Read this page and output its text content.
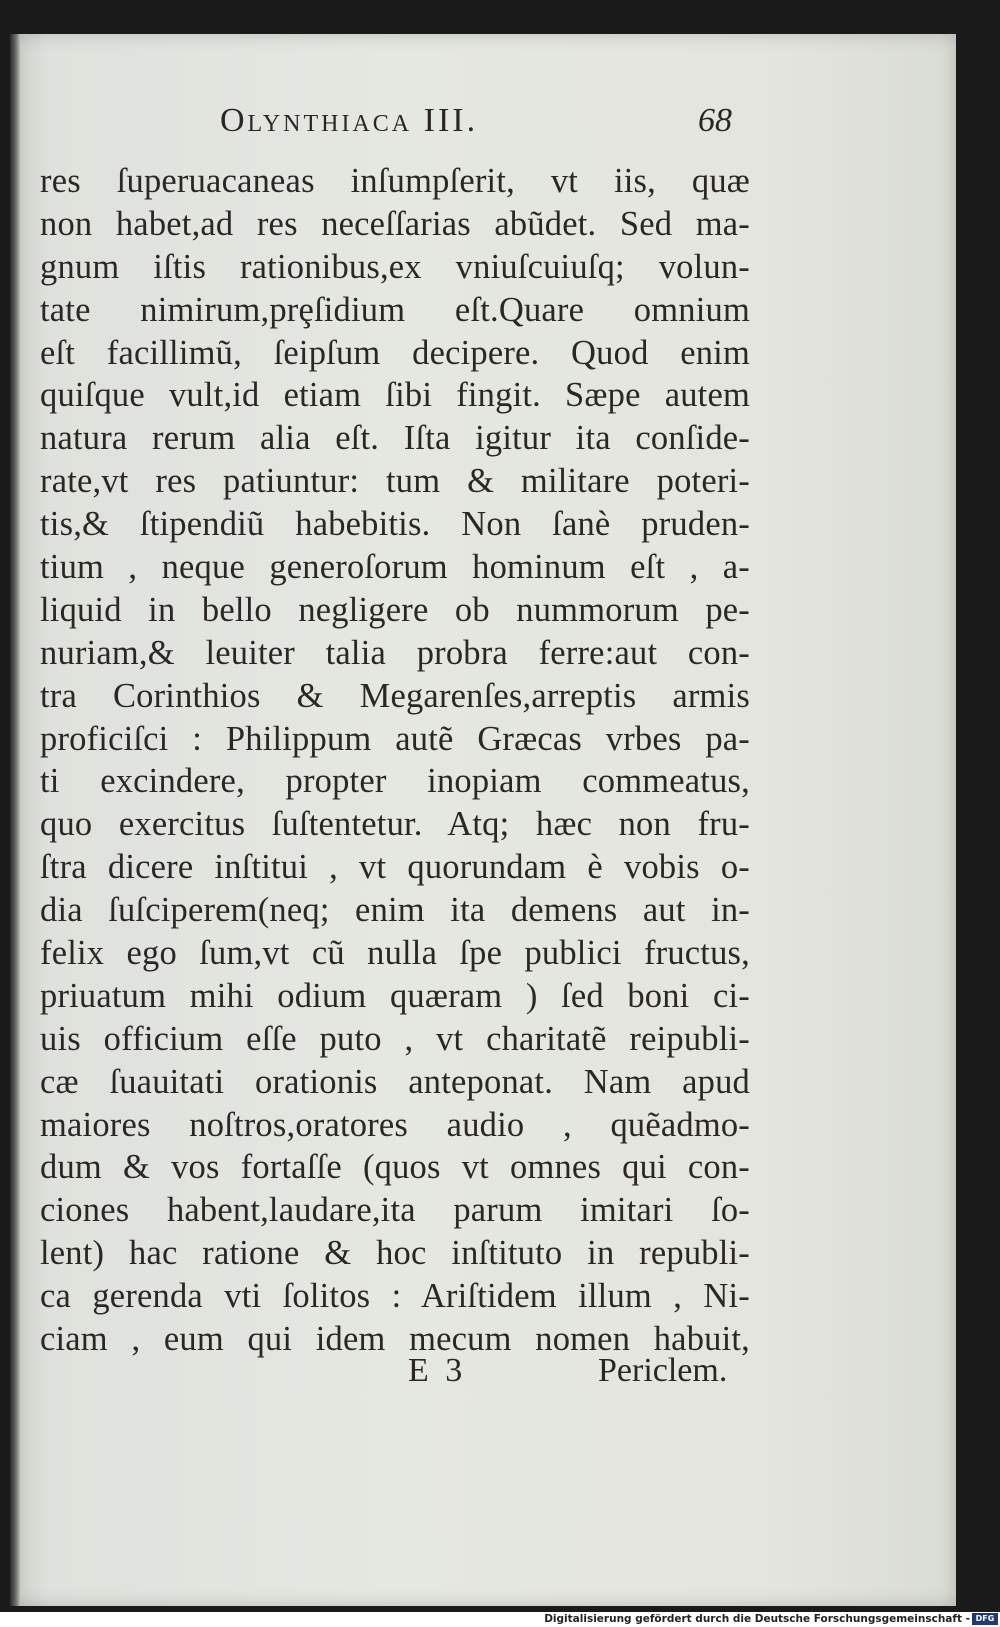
Olynthiaca III.	68
res ſuperuacaneas inſumpſerit, vt iis, quæ
non habet,ad res neceſſarias abũdet. Sed ma-
gnum iſtis rationibus,ex vniuſcuiuſq; volun-
tate nimirum,prȩſidium eſt.Quare omnium
eſt facillimũ, ſeipſum decipere. Quod enim
quiſque vult,id etiam ſibi fingit. Sæpe autem
natura rerum alia eſt. Iſta igitur ita conſide-
rate,vt res patiuntur: tum & militare poteri-
tis,& ſtipendiũ habebitis. Non ſanè pruden-
tium , neque generoſorum hominum eſt , a-
liquid in bello negligere ob nummorum pe-
nuriam,& leuiter talia probra ferre:aut con-
tra Corinthios & Megarenſes,arreptis armis
proficiſci : Philippum autẽ Græcas vrbes pa-
ti excindere, propter inopiam commeatus,
quo exercitus ſuſtentetur. Atq; hæc non fru-
ſtra dicere inſtitui , vt quorundam è vobis o-
dia ſuſciperem(neq; enim ita demens aut in-
felix ego ſum,vt cũ nulla ſpe publici fructus,
priuatum mihi odium quæram ) ſed boni ci-
uis officium eſſe puto , vt charitatẽ reipubli-
cæ ſuauitati orationis anteponat. Nam apud
maiores noſtros,oratores audio , quẽadmo-
dum & vos fortaſſe (quos vt omnes qui con-
ciones habent,laudare,ita parum imitari ſo-
lent) hac ratione & hoc inſtituto in republi-
ca gerenda vti ſolitos : Ariſtidem illum , Ni-
ciam , eum qui idem mecum nomen habuit,
E 3	Periclem.
Digitalisierung gefördert durch die Deutsche Forschungsgemeinschaft - DFG
